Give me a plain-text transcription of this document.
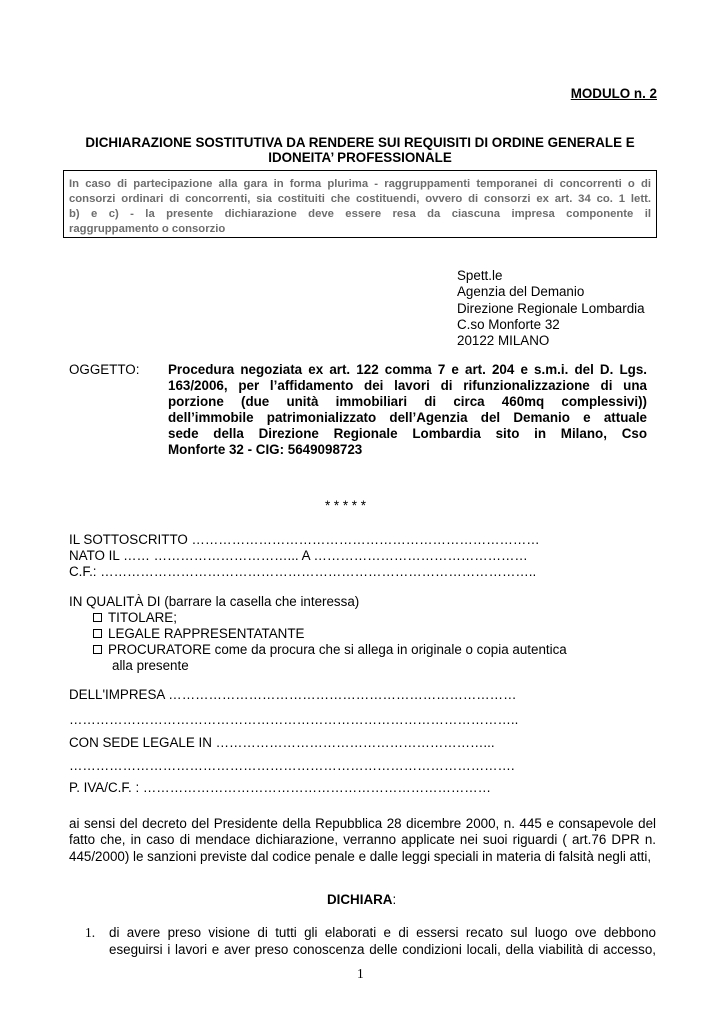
MODULO n. 2
DICHIARAZIONE SOSTITUTIVA DA RENDERE SUI REQUISITI DI ORDINE GENERALE E
IDONEITA’ PROFESSIONALE
In caso di partecipazione alla gara in forma plurima - raggruppamenti temporanei di concorrenti o di
consorzi ordinari di concorrenti, sia costituiti che costituendi, ovvero di consorzi ex art. 34 co. 1 lett.
b) e c) - la presente dichiarazione deve essere resa da ciascuna impresa componente il
raggruppamento o consorzio
Spett.le
Agenzia del Demanio
Direzione Regionale Lombardia
C.so Monforte 32
20122 MILANO
OGGETTO: Procedura negoziata ex art. 122 comma 7 e art. 204 e s.m.i. del D. Lgs.
163/2006, per l’affidamento dei lavori di rifunzionalizzazione di una
porzione (due unità immobiliari di circa 460mq complessivi))
dell’immobile patrimonializzato dell’Agenzia del Demanio e attuale
sede della Direzione Regionale Lombardia sito in Milano, Cso
Monforte 32 - CIG: 5649098723
* * * * *
IL SOTTOSCRITTO ……………………………………………………………………
NATO IL …… …………………………... A …………………………………………
C.F.: ……………………………………………………………………………………..
IN QUALITÀ DI (barrare la casella che interessa)
TITOLARE;
LEGALE RAPPRESENTATANTE
PROCURATORE come da procura che si allega in originale o copia autentica
alla presente
DELL'IMPRESA ……………………………………………………………………
………………………………………………………………………………………..
CON SEDE LEGALE IN ……………………………………………………...
……………………………………………………………………………………….
P. IVA/C.F. : ……………………………………………………………………
ai sensi del decreto del Presidente della Repubblica 28 dicembre 2000, n. 445 e consapevole del
fatto che, in caso di mendace dichiarazione, verranno applicate nei suoi riguardi ( art.76 DPR n.
445/2000) le sanzioni previste dal codice penale e dalle leggi speciali in materia di falsità negli atti,
DICHIARA:
1. di avere preso visione di tutti gli elaborati e di essersi recato sul luogo ove debbono
eseguirsi i lavori e aver preso conoscenza delle condizioni locali, della viabilità di accesso,
1
